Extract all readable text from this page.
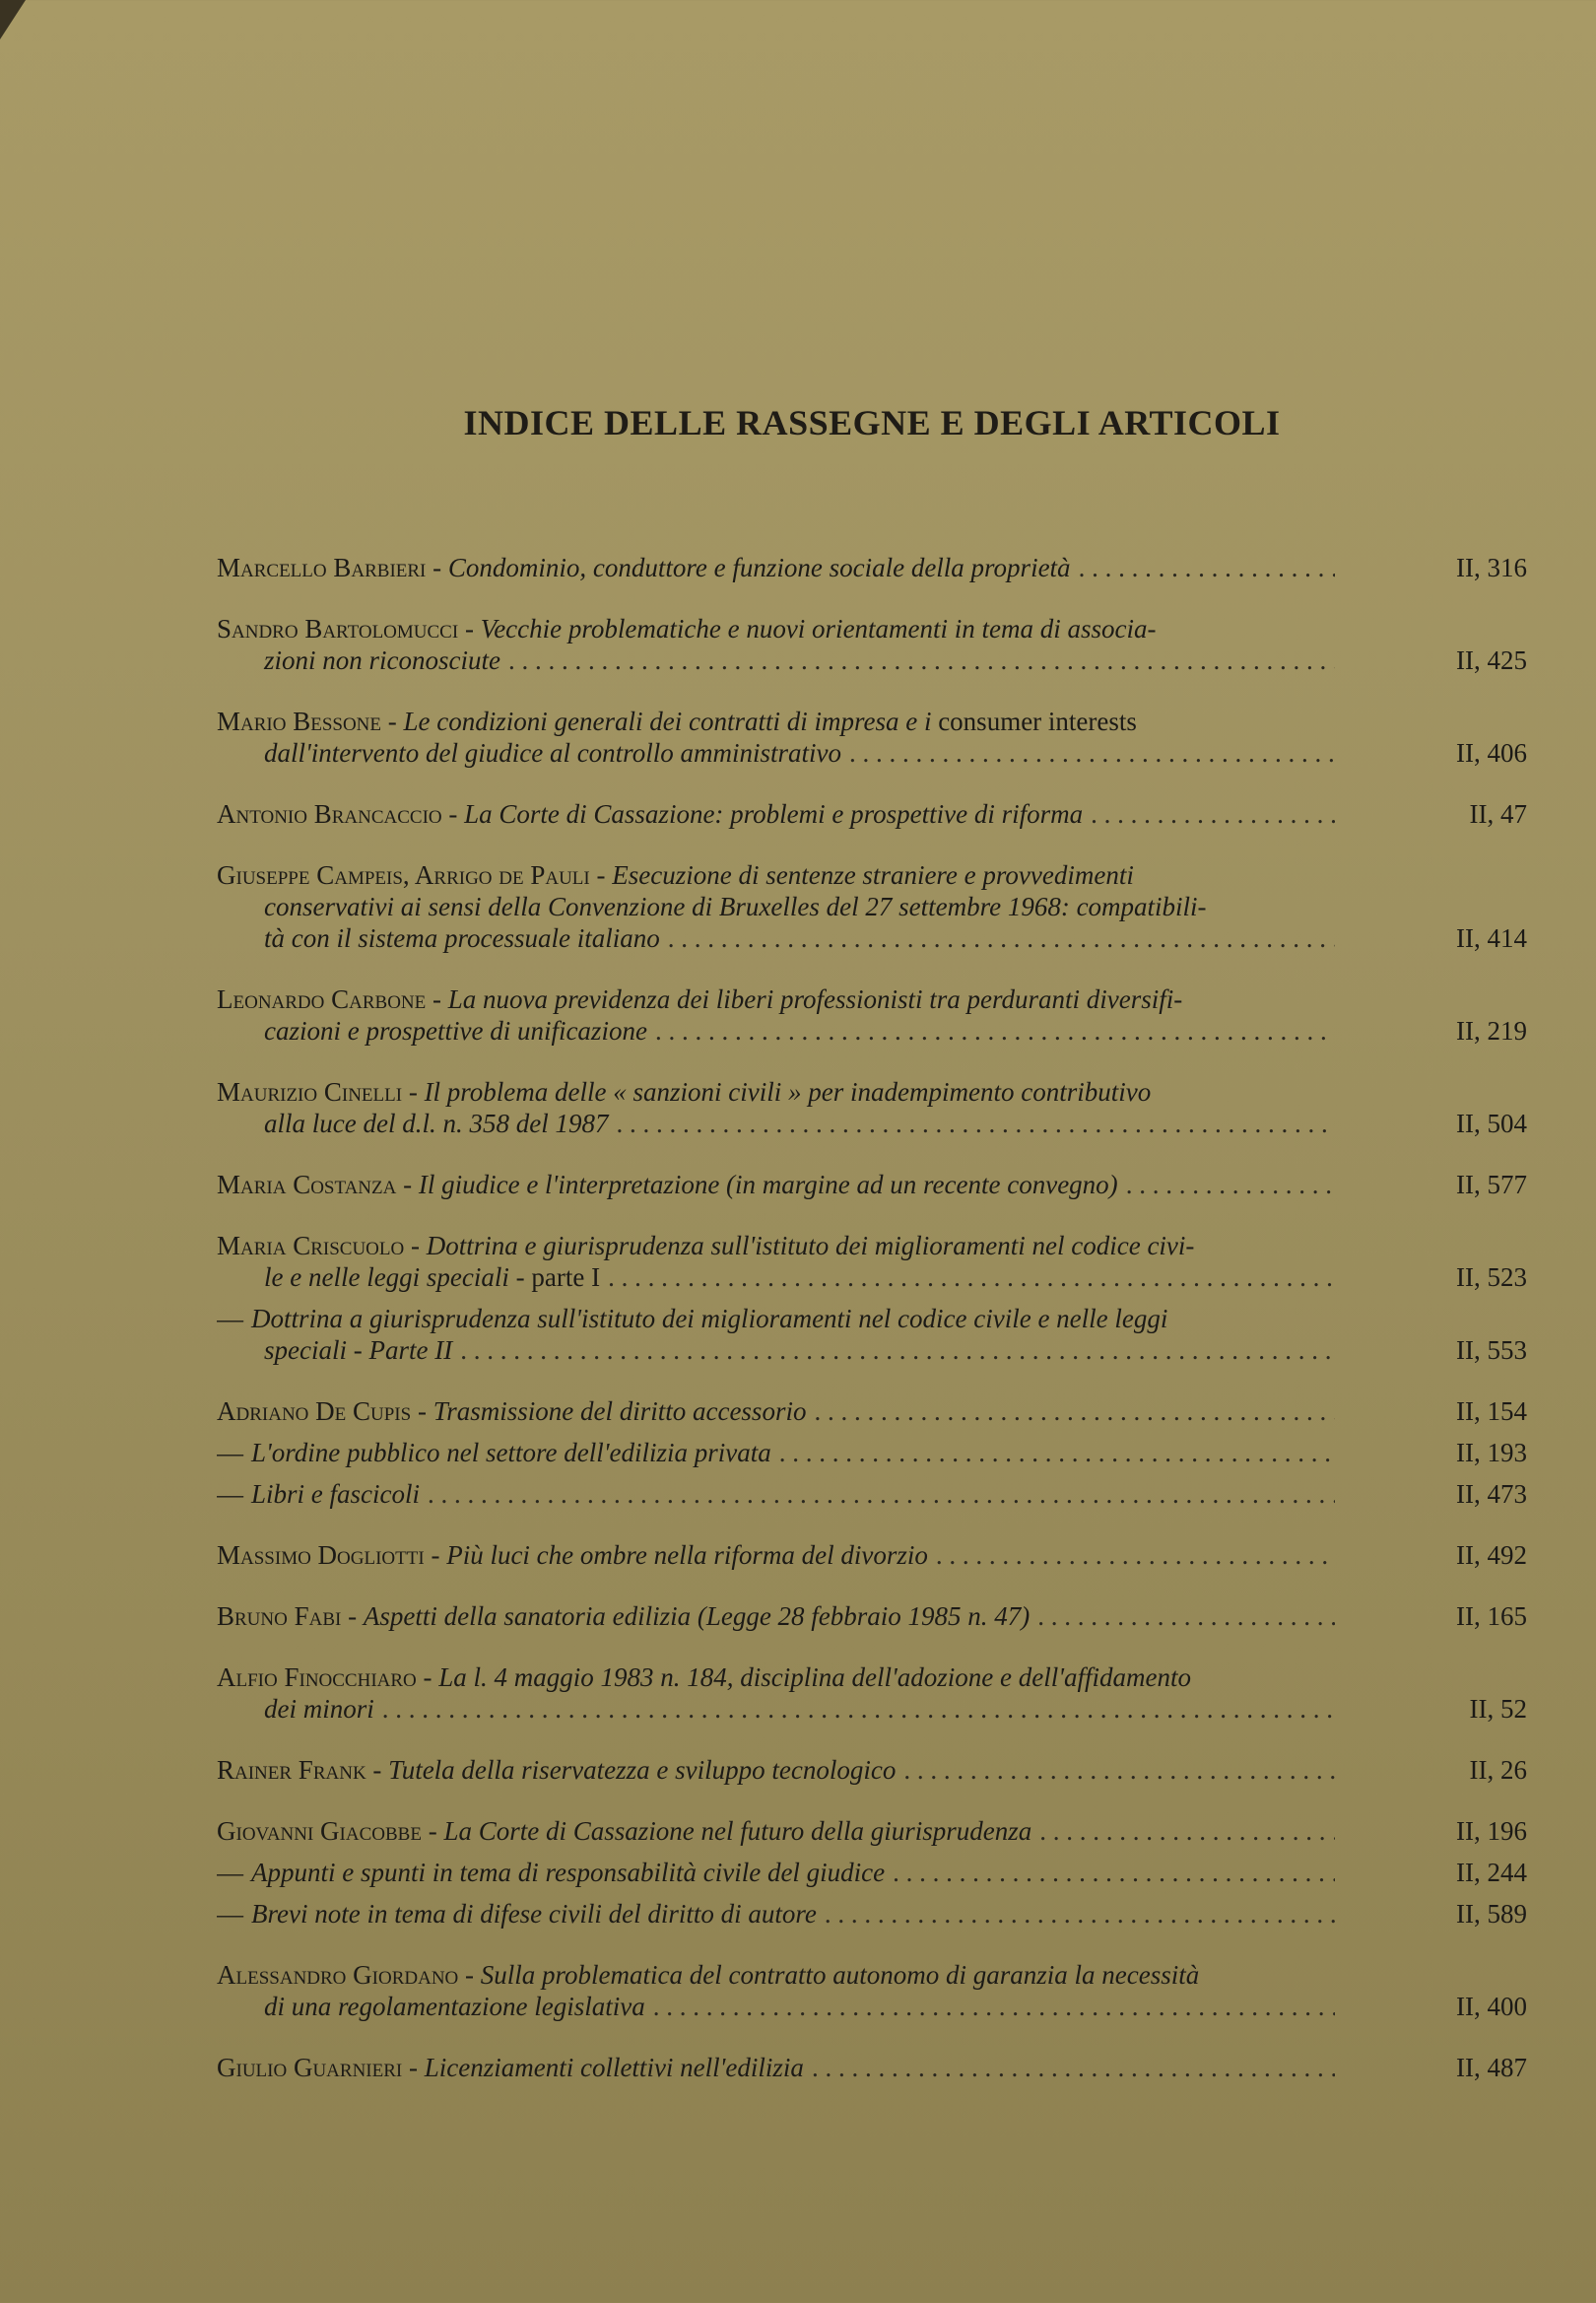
INDICE DELLE RASSEGNE E DEGLI ARTICOLI
Marcello Barbieri - Condominio, conduttore e funzione sociale della proprietà . . .	II, 316
Sandro Bartolomucci - Vecchie problematiche e nuovi orientamenti in tema di associa-
zioni non riconosciute . . .	II, 425
Mario Bessone - Le condizioni generali dei contratti di impresa e i consumer interests
dall'intervento del giudice al controllo amministrativo . . .	II, 406
Antonio Brancaccio - La Corte di Cassazione: problemi e prospettive di riforma . . .	II, 47
Giuseppe Campeis, Arrigo de Pauli - Esecuzione di sentenze straniere e provvedimenti
conservativi ai sensi della Convenzione di Bruxelles del 27 settembre 1968: compatibili-
tà con il sistema processuale italiano . . .	II, 414
Leonardo Carbone - La nuova previdenza dei liberi professionisti tra perduranti diversifi-
cazioni e prospettive di unificazione . . .	II, 219
Maurizio Cinelli - Il problema delle « sanzioni civili » per inadempimento contributivo
alla luce del d.l. n. 358 del 1987 . . .	II, 504
Maria Costanza - Il giudice e l'interpretazione (in margine ad un recente convegno) . . .	II, 577
Maria Criscuolo - Dottrina e giurisprudenza sull'istituto dei miglioramenti nel codice civi-
le e nelle leggi speciali - parte I . . .	II, 523
— Dottrina a giurisprudenza sull'istituto dei miglioramenti nel codice civile e nelle leggi
speciali - Parte II . . .	II, 553
Adriano De Cupis - Trasmissione del diritto accessorio . . .	II, 154
— L'ordine pubblico nel settore dell'edilizia privata . . .	II, 193
— Libri e fascicoli . . .	II, 473
Massimo Dogliotti - Più luci che ombre nella riforma del divorzio . . .	II, 492
Bruno Fabi - Aspetti della sanatoria edilizia (Legge 28 febbraio 1985 n. 47) . . .	II, 165
Alfio Finocchiaro - La l. 4 maggio 1983 n. 184, disciplina dell'adozione e dell'affidamento
dei minori . . .	II, 52
Rainer Frank - Tutela della riservatezza e sviluppo tecnologico . . .	II, 26
Giovanni Giacobbe - La Corte di Cassazione nel futuro della giurisprudenza . . .	II, 196
— Appunti e spunti in tema di responsabilità civile del giudice . . .	II, 244
— Brevi note in tema di difese civili del diritto di autore . . .	II, 589
Alessandro Giordano - Sulla problematica del contratto autonomo di garanzia la necessità
di una regolamentazione legislativa . . .	II, 400
Giulio Guarnieri - Licenziamenti collettivi nell'edilizia . . .	II, 487
